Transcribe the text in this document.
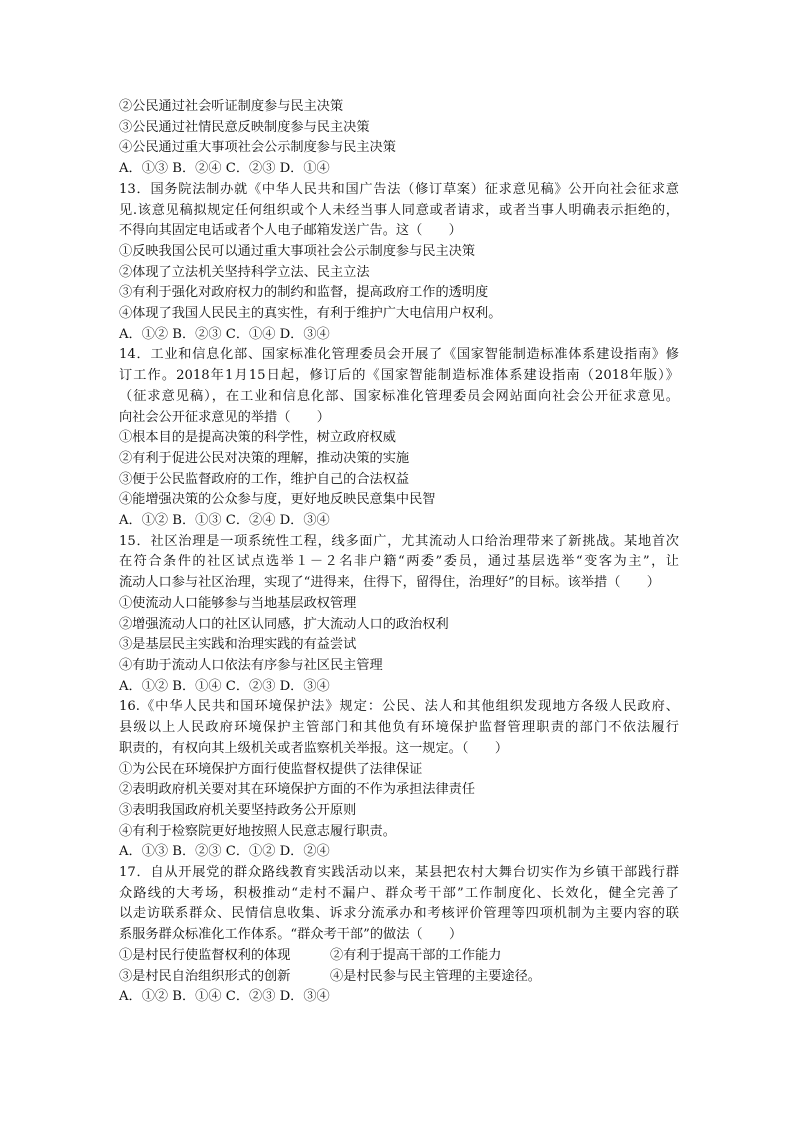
②公民通过社会听证制度参与民主决策
③公民通过社情民意反映制度参与民主决策
④公民通过重大事项社会公示制度参与民主决策
A．①③ B．②④ C．②③ D．①④
13．国务院法制办就《中华人民共和国广告法（修订草案）征求意见稿》公开向社会征求意
见.该意见稿拟规定任何组织或个人未经当事人同意或者请求，或者当事人明确表示拒绝的，
不得向其固定电话或者个人电子邮箱发送广告。这（　　）
①反映我国公民可以通过重大事项社会公示制度参与民主决策
②体现了立法机关坚持科学立法、民主立法
③有利于强化对政府权力的制约和监督，提高政府工作的透明度
④体现了我国人民民主的真实性，有利于维护广大电信用户权利。
A．①② B．②③ C．①④ D．③④
14．工业和信息化部、国家标准化管理委员会开展了《国家智能制造标准体系建设指南》修
订工作。2018年1月15日起，修订后的《国家智能制造标准体系建设指南（2018年版）》
（征求意见稿），在工业和信息化部、国家标准化管理委员会网站面向社会公开征求意见。
向社会公开征求意见的举措（　　）
①根本目的是提高决策的科学性，树立政府权威
②有利于促进公民对决策的理解，推动决策的实施
③便于公民监督政府的工作，维护自己的合法权益
④能增强决策的公众参与度，更好地反映民意集中民智
A．①② B．①③ C．②④ D．③④
15．社区治理是一项系统性工程，线多面广，尤其流动人口给治理带来了新挑战。某地首次
在符合条件的社区试点选举１－２名非户籍“两委”委员，通过基层选举“变客为主”，让
流动人口参与社区治理，实现了“进得来，住得下，留得住，治理好”的目标。该举措（　　）
①使流动人口能够参与当地基层政权管理
②增强流动人口的社区认同感，扩大流动人口的政治权利
③是基层民主实践和治理实践的有益尝试
④有助于流动人口依法有序参与社区民主管理
A．①② B．①④ C．②③ D．③④
16.《中华人民共和国环境保护法》规定：公民、法人和其他组织发现地方各级人民政府、
县级以上人民政府环境保护主管部门和其他负有环境保护监督管理职责的部门不依法履行
职责的，有权向其上级机关或者监察机关举报。这一规定。（　　）
①为公民在环境保护方面行使监督权提供了法律保证
②表明政府机关要对其在环境保护方面的不作为承担法律责任
③表明我国政府机关要坚持政务公开原则
④有利于检察院更好地按照人民意志履行职责。
A．①③ B．②③ C．①② D．②④
17．自从开展党的群众路线教育实践活动以来，某县把农村大舞台切实作为乡镇干部践行群
众路线的大考场，积极推动“走村不漏户、群众考干部”工作制度化、长效化，健全完善了
以走访联系群众、民情信息收集、诉求分流承办和考核评价管理等四项机制为主要内容的联
系服务群众标准化工作体系。“群众考干部”的做法（　　）
①是村民行使监督权利的体现　　　②有利于提高干部的工作能力
③是村民自治组织形式的创新　　　④是村民参与民主管理的主要途径。
A．①② B．①④ C．②③ D．③④
